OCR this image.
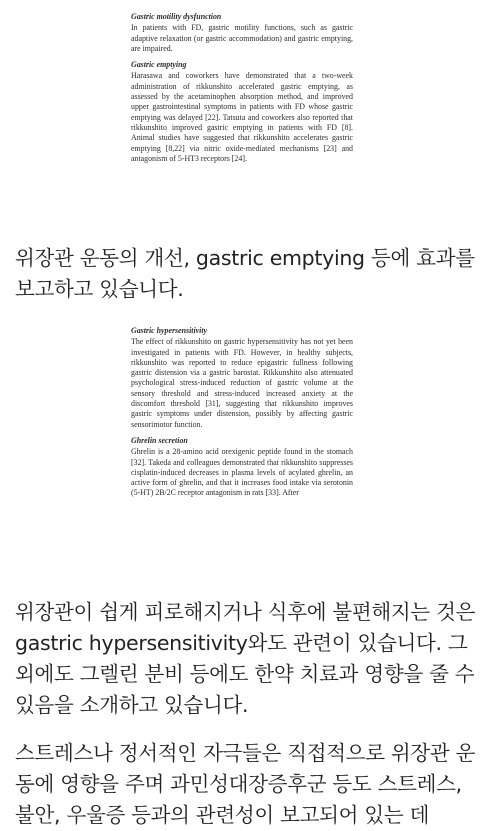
Gastric motility dysfunction

In patients with FD, gastric motility functions, such as gastric adaptive relaxation (or gastric accommodation) and gastric emptying, are impaired.

Gastric emptying

Harasawa and coworkers have demonstrated that a two-week administration of rikkunshito accelerated gastric emptying, as assessed by the acetaminophen absorption method, and improved upper gastrointestinal symptoms in patients with FD whose gastric emptying was delayed [22]. Tatsuta and coworkers also reported that rikkunshito improved gastric emptying in patients with FD [8]. Animal studies have suggested that rikkunshito accelerates gastric emptying [8,22] via nitric oxide-mediated mechanisms [23] and antagonism of 5-HT3 receptors [24].

위장관 운동의 개선, gastric emptying 등에 효과를 보고하고 있습니다.

Gastric hypersensitivity

The effect of rikkunshito on gastric hypersensitivity has not yet been investigated in patients with FD. However, in healthy subjects, rikkunshito was reported to reduce epigastric fullness following gastric distension via a gastric barostat. Rikkunshito also attenuated psychological stress-induced reduction of gastric volume at the sensory threshold and stress-induced increased anxiety at the discomfort threshold [31], suggesting that rikkunshito improves gastric symptoms under distension, possibly by affecting gastric sensorimotor function.

Ghrelin secretion

Ghrelin is a 28-amino acid orexigenic peptide found in the stomach [32]. Takeda and colleagues demonstrated that rikkunshito suppresses cisplatin-induced decreases in plasma levels of acylated ghrelin, an active form of ghrelin, and that it increases food intake via serotonin (5-HT) 2B/2C receptor antagonism in rats [33]. After

위장관이 쉽게 피로해지거나 식후에 불편해지는 것은 gastric hypersensitivity와도 관련이 있습니다. 그 외에도 그렐린 분비 등에도 한약 치료과 영향을 줄 수 있음을 소개하고 있습니다.

스트레스나 정서적인 자극들은 직접적으로 위장관 운동에 영향을 주며 과민성대장증후군 등도 스트레스, 불안, 우울증 등과의 관련성이 보고되어 있는 데
